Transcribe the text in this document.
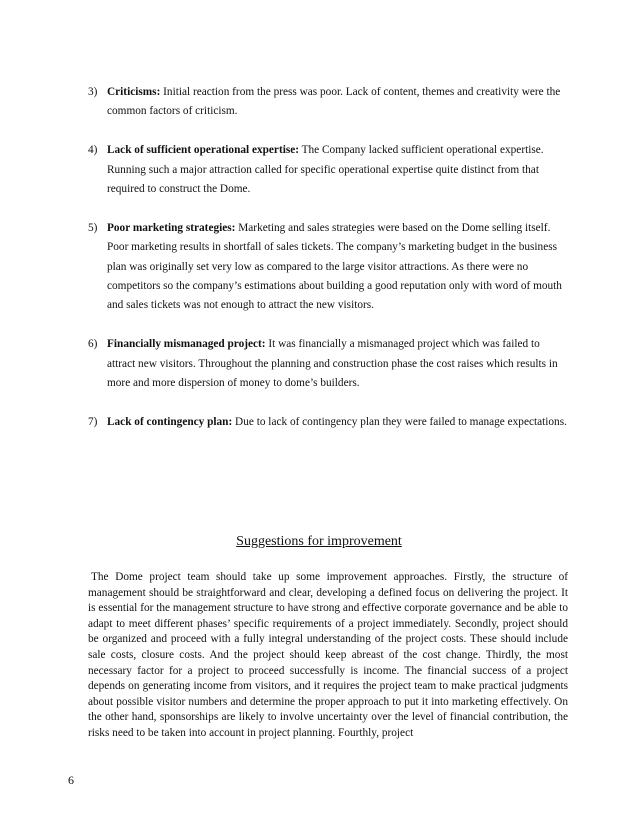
3) Criticisms: Initial reaction from the press was poor. Lack of content, themes and creativity were the common factors of criticism.
4) Lack of sufficient operational expertise: The Company lacked sufficient operational expertise. Running such a major attraction called for specific operational expertise quite distinct from that required to construct the Dome.
5) Poor marketing strategies: Marketing and sales strategies were based on the Dome selling itself. Poor marketing results in shortfall of sales tickets. The company’s marketing budget in the business plan was originally set very low as compared to the large visitor attractions. As there were no competitors so the company’s estimations about building a good reputation only with word of mouth and sales tickets was not enough to attract the new visitors.
6) Financially mismanaged project: It was financially a mismanaged project which was failed to attract new visitors. Throughout the planning and construction phase the cost raises which results in more and more dispersion of money to dome’s builders.
7) Lack of contingency plan: Due to lack of contingency plan they were failed to manage expectations.
Suggestions for improvement

The Dome project team should take up some improvement approaches. Firstly, the structure of management should be straightforward and clear, developing a defined focus on delivering the project. It is essential for the management structure to have strong and effective corporate governance and be able to adapt to meet different phases’ specific requirements of a project immediately. Secondly, project should be organized and proceed with a fully integral understanding of the project costs. These should include sale costs, closure costs. And the project should keep abreast of the cost change. Thirdly, the most necessary factor for a project to proceed successfully is income. The financial success of a project depends on generating income from visitors, and it requires the project team to make practical judgments about possible visitor numbers and determine the proper approach to put it into marketing effectively. On the other hand, sponsorships are likely to involve uncertainty over the level of financial contribution, the risks need to be taken into account in project planning. Fourthly, project

6
